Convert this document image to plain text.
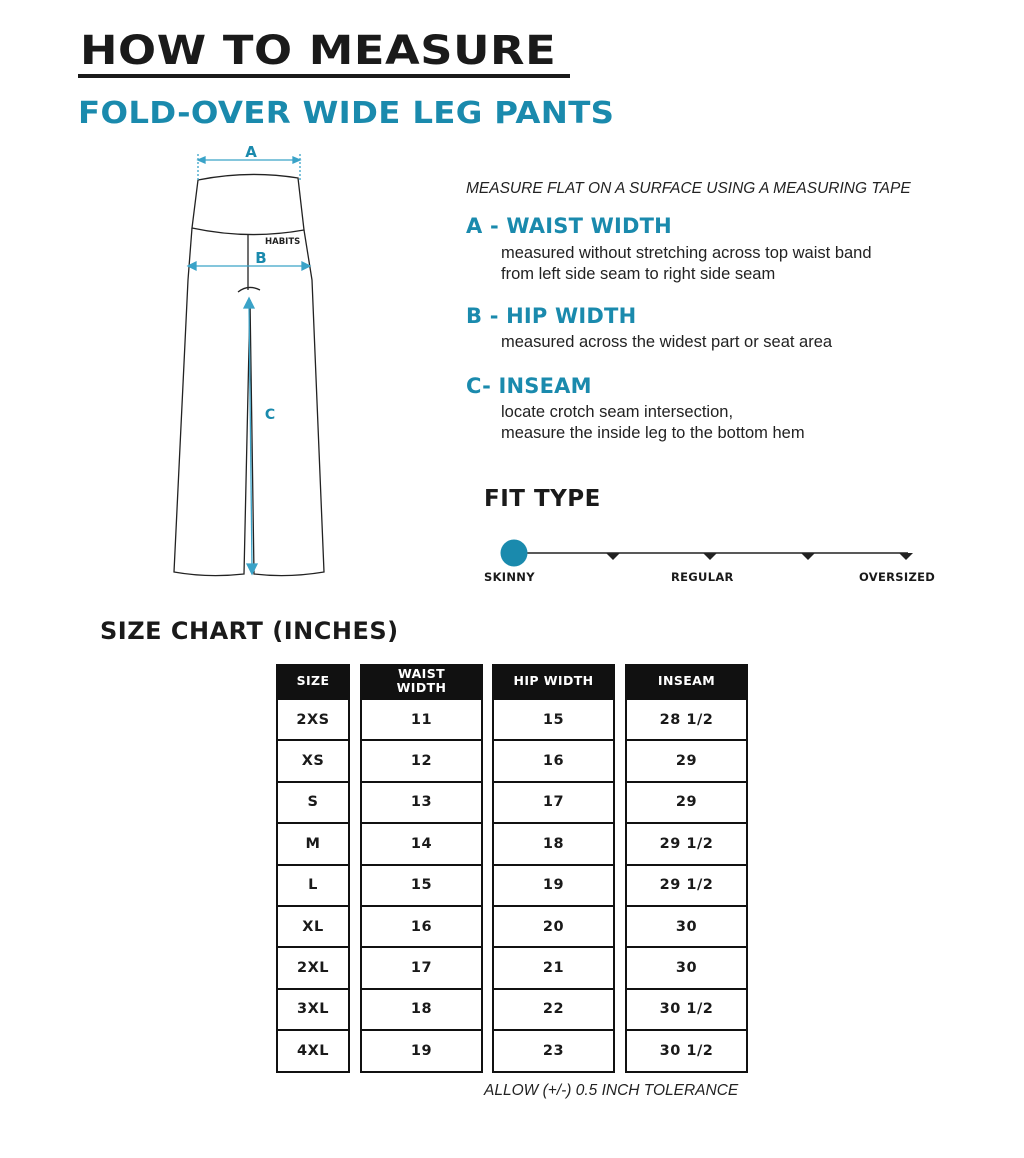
HOW TO MEASURE
FOLD-OVER WIDE LEG PANTS
A
B
C
HABITS
MEASURE FLAT ON A SURFACE USING A MEASURING TAPE
A - WAIST WIDTH
measured without stretching across top waist band
from left side seam to right side seam
B - HIP WIDTH
measured across the widest part or seat area
C- INSEAM
locate crotch seam intersection,
measure the inside leg to the bottom hem
FIT TYPE
SKINNY	REGULAR	OVERSIZED
SIZE CHART (INCHES)
SIZE
2XS
XS
S
M
L
XL
2XL
3XL
4XL
WAIST WIDTH
11
12
13
14
15
16
17
18
19
HIP WIDTH
15
16
17
18
19
20
21
22
23
INSEAM
28 1/2
29
29
29 1/2
29 1/2
30
30
30 1/2
30 1/2
ALLOW (+/-) 0.5 INCH TOLERANCE
